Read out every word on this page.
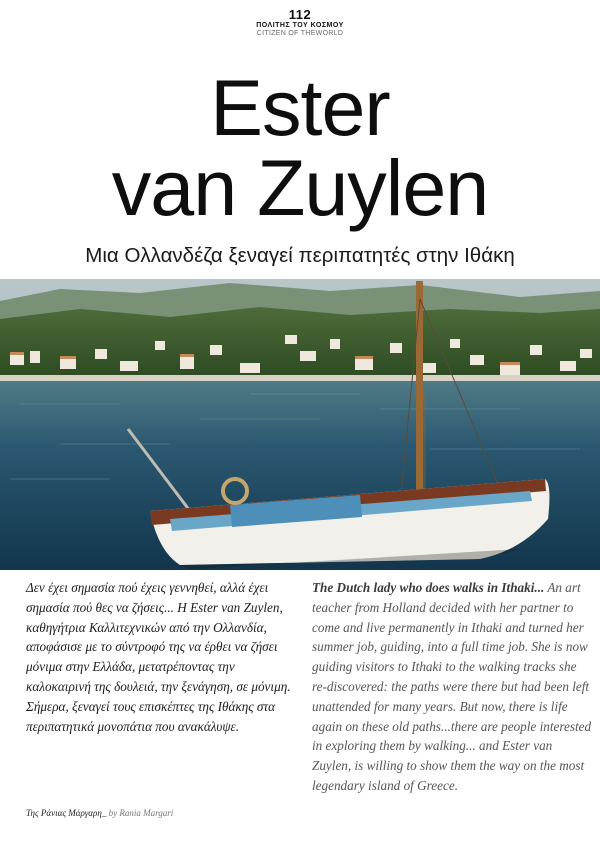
112
ΠΟΛΙΤΗΣ ΤΟΥ ΚΟΣΜΟΥ
CITIZEN OF THEWORLD
Ester
van Zuylen
Μια Ολλανδέζα ξεναγεί περιπατητές στην Ιθάκη
Δεν έχει σημασία πού έχεις γεννηθεί, αλλά έχει σημασία πού θες να ζήσεις... Η Ester van Zuylen, καθηγήτρια Καλλιτεχνικών από την Ολλανδία, αποφάσισε με το σύντροφό της να έρθει να ζήσει μόνιμα στην Ελλάδα, μετατρέποντας την καλοκαιρινή της δουλειά, την ξενάγηση, σε μόνιμη. Σήμερα, ξεναγεί τους επισκέπτες της Ιθάκης στα περιπατητικά μονοπάτια που ανακάλυψε.
The Dutch lady who does walks in Ithaki... An art teacher from Holland decided with her partner to come and live permanently in Ithaki and turned her summer job, guiding, into a full time job. She is now guiding visitors to Ithaki to the walking tracks she re-discovered: the paths were there but had been left unattended for many years. But now, there is life again on these old paths...there are people interested in exploring them by walking... and Ester van Zuylen, is willing to show them the way on the most legendary island of Greece.
Της Ράνιας Μάργαρη_ by Rania Margari
